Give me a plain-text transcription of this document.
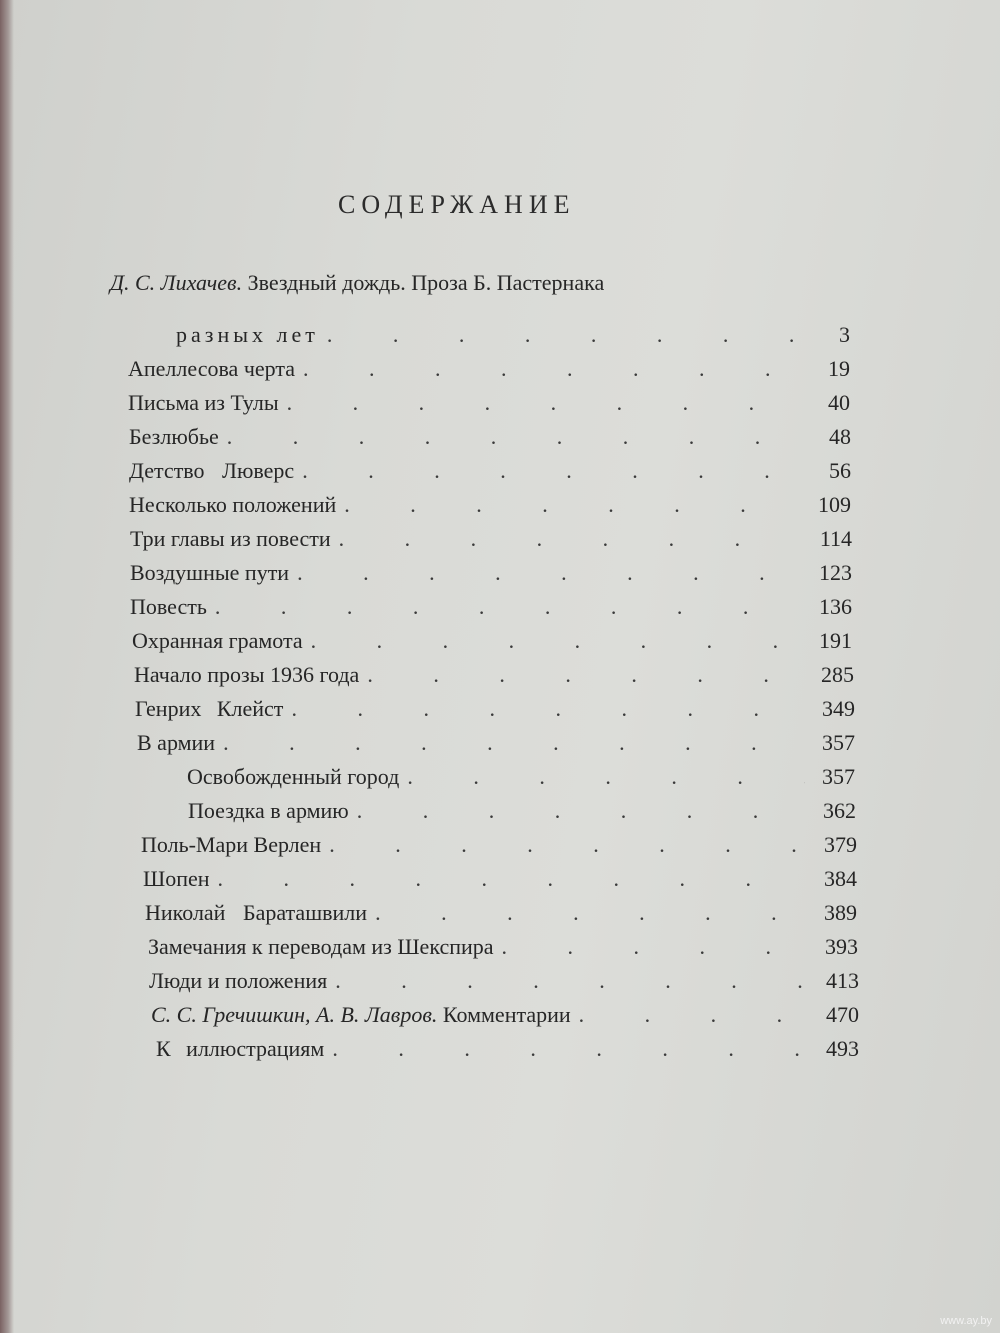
СОДЕРЖАНИЕ
Д. С. Лихачев. Звездный дождь. Проза Б. Пастернака
разных лет .	3
Апеллесова черта .	19
Письма из Тулы .	40
Безлюбье .	48
Детство Люверс .	56
Несколько положений .	109
Три главы из повести .	114
Воздушные пути .	123
Повесть .	136
Охранная грамота .	191
Начало прозы 1936 года .	285
Генрих Клейст .	349
В армии .	357
Освобожденный город .	357
Поездка в армию .	362
Поль-Мари Верлен .	379
Шопен .	384
Николай Бараташвили .	389
Замечания к переводам из Шекспира .	393
Люди и положения .	413
С. С. Гречишкин, А. В. Лавров. Комментарии .	470
К иллюстрациям .	493
www.ay.by
